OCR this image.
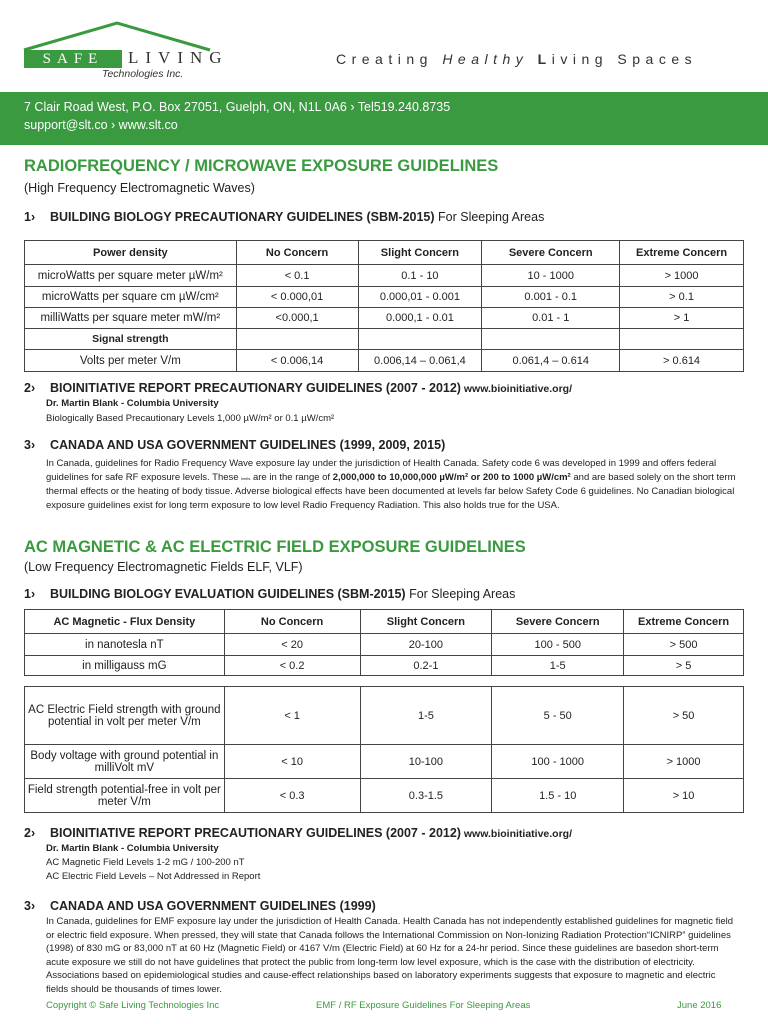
SAFE	LIVING
Technologies Inc.
Creating Healthy Living Spaces
7 Clair Road West, P.O. Box 27051, Guelph, ON, N1L 0A6 › Tel519.240.8735
support@slt.co › www.slt.co
RADIOFREQUENCY / MICROWAVE EXPOSURE GUIDELINES
(High Frequency Electromagnetic Waves)
1› BUILDING BIOLOGY PRECAUTIONARY GUIDELINES (SBM-2015) For Sleeping Areas
Power density	No Concern	Slight Concern	Severe Concern	Extreme Concern
microWatts per square meter µW/m²	< 0.1	0.1 - 10	10 - 1000	> 1000
microWatts per square cm µW/cm²	< 0.000,01	0.000,01 - 0.001	0.001 - 0.1	> 0.1
milliWatts per square meter mW/m²	<0.000,1	0.000,1 - 0.01	0.01 - 1	> 1
Signal strength				
Volts per meter V/m	< 0.006,14	0.006,14 – 0.061,4	0.061,4 – 0.614	> 0.614
2› BIOINITIATIVE REPORT PRECAUTIONARY GUIDELINES (2007 - 2012) www.bioinitiative.org/
Dr. Martin Blank - Columbia University
Biologically Based Precautionary Levels 1,000 µW/m² or 0.1 µW/cm²
3› CANADA AND USA GOVERNMENT GUIDELINES (1999, 2009, 2015)
In Canada, guidelines for Radio Frequency Wave exposure lay under the jurisdiction of Health Canada. Safety code 6 was developed in 1999 and offers federal guidelines for safe RF exposure levels. These limits are in the range of 2,000,000 to 10,000,000 µW/m² or 200 to 1000 µW/cm² and are based solely on the short term thermal effects or the heating of body tissue. Adverse biological effects have been documented at levels far below Safety Code 6 guidelines. No Canadian biological exposure guidelines exist for long term exposure to low level Radio Frequency Radiation. This also holds true for the USA.
AC MAGNETIC & AC ELECTRIC FIELD EXPOSURE GUIDELINES
(Low Frequency Electromagnetic Fields ELF, VLF)
1› BUILDING BIOLOGY EVALUATION GUIDELINES (SBM-2015) For Sleeping Areas
AC Magnetic - Flux Density	No Concern	Slight Concern	Severe Concern	Extreme Concern
in nanotesla nT	< 20	20-100	100 - 500	> 500
in milligauss mG	< 0.2	0.2-1	1-5	> 5
AC Electric Field strength with ground potential in volt per meter V/m	< 1	1-5	5 - 50	> 50
Body voltage with ground potential in milliVolt mV	< 10	10-100	100 - 1000	> 1000
Field strength potential-free in volt per meter V/m	< 0.3	0.3-1.5	1.5 - 10	> 10
2› BIOINITIATIVE REPORT PRECAUTIONARY GUIDELINES (2007 - 2012) www.bioinitiative.org/
Dr. Martin Blank - Columbia University
AC Magnetic Field Levels 1-2 mG / 100-200 nT
AC Electric Field Levels – Not Addressed in Report
3› CANADA AND USA GOVERNMENT GUIDELINES (1999)
In Canada, guidelines for EMF exposure lay under the jurisdiction of Health Canada. Health Canada has not independently established guidelines for magnetic field or electric field exposure. When pressed, they will state that Canada follows the International Commission on Non-Ionizing Radiation Protection“ICNIRP” guidelines (1998) of 830 mG or 83,000 nT at 60 Hz (Magnetic Field) or 4167 V/m (Electric Field) at 60 Hz for a 24-hr period. Since these guidelines are basedon short-term acute exposure we still do not have guidelines that protect the public from long-term low level exposure, which is the case with the distribution of electricity. Associations based on epidemiological studies and cause-effect relationships based on laboratory experiments suggests that exposure to magnetic and electric fields should be thousands of times lower.
Copyright © Safe Living Technologies Inc	EMF / RF Exposure Guidelines For Sleeping Areas	June 2016
